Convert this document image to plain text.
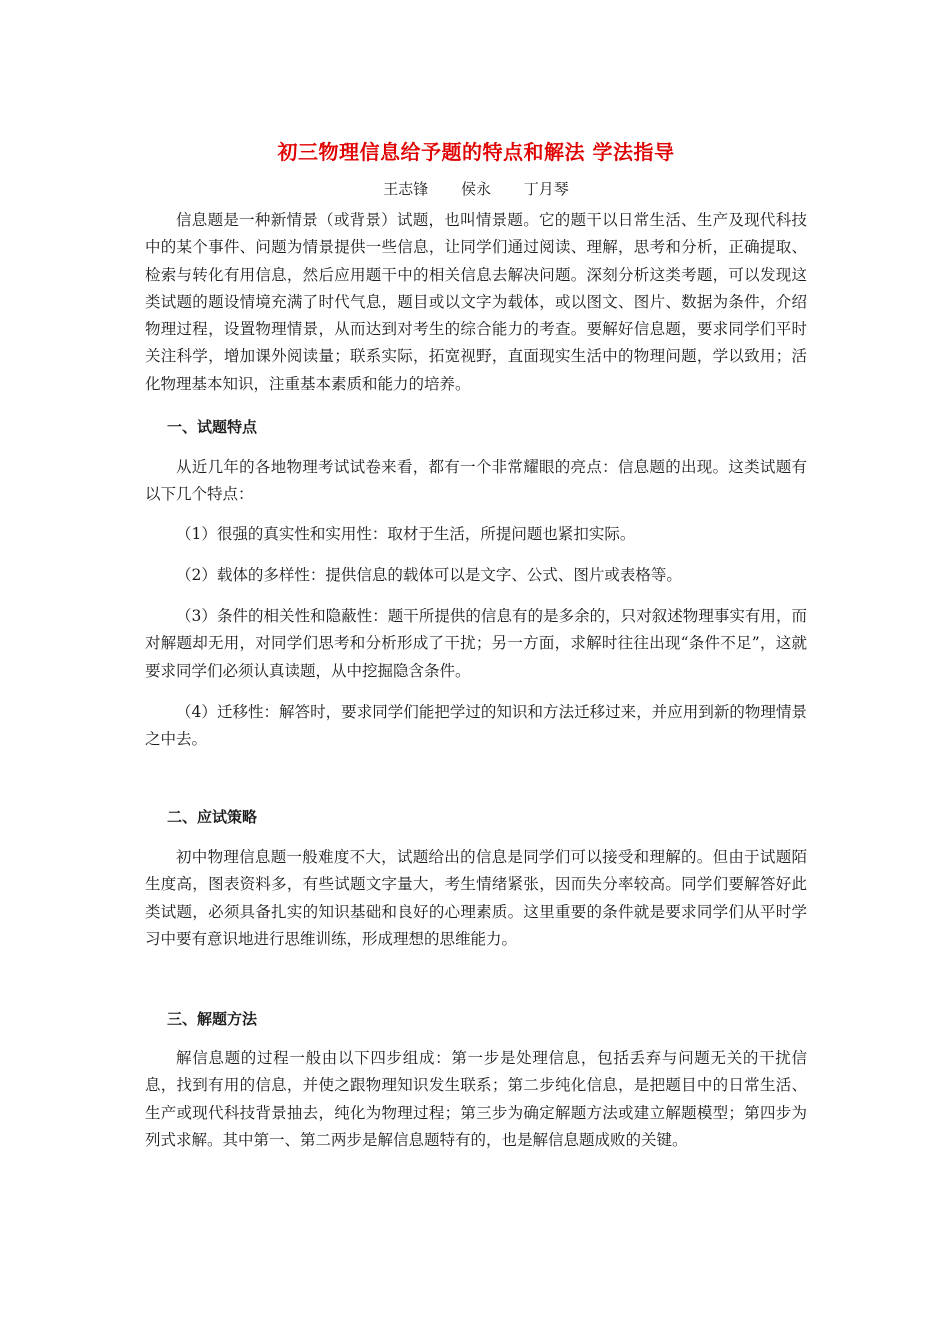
初三物理信息给予题的特点和解法 学法指导
王志锋 侯永 丁月琴

信息题是一种新情景（或背景）试题，也叫情景题。它的题干以日常生活、生产及现代科技中的某个事件、问题为情景提供一些信息，让同学们通过阅读、理解，思考和分析，正确提取、检索与转化有用信息，然后应用题干中的相关信息去解决问题。深刻分析这类考题，可以发现这类试题的题设情境充满了时代气息，题目或以文字为载体，或以图文、图片、数据为条件，介绍物理过程，设置物理情景，从而达到对考生的综合能力的考查。要解好信息题，要求同学们平时关注科学，增加课外阅读量；联系实际，拓宽视野，直面现实生活中的物理问题，学以致用；活化物理基本知识，注重基本素质和能力的培养。

一、试题特点

从近几年的各地物理考试试卷来看，都有一个非常耀眼的亮点：信息题的出现。这类试题有以下几个特点：

（1）很强的真实性和实用性：取材于生活，所提问题也紧扣实际。

（2）载体的多样性：提供信息的载体可以是文字、公式、图片或表格等。

（3）条件的相关性和隐蔽性：题干所提供的信息有的是多余的，只对叙述物理事实有用，而对解题却无用，对同学们思考和分析形成了干扰；另一方面，求解时往往出现“条件不足”，这就要求同学们必须认真读题，从中挖掘隐含条件。

（4）迁移性：解答时，要求同学们能把学过的知识和方法迁移过来，并应用到新的物理情景之中去。

二、应试策略

初中物理信息题一般难度不大，试题给出的信息是同学们可以接受和理解的。但由于试题陌生度高，图表资料多，有些试题文字量大，考生情绪紧张，因而失分率较高。同学们要解答好此类试题，必须具备扎实的知识基础和良好的心理素质。这里重要的条件就是要求同学们从平时学习中要有意识地进行思维训练，形成理想的思维能力。

三、解题方法

解信息题的过程一般由以下四步组成：第一步是处理信息，包括丢弃与问题无关的干扰信息，找到有用的信息，并使之跟物理知识发生联系；第二步纯化信息，是把题目中的日常生活、生产或现代科技背景抽去，纯化为物理过程；第三步为确定解题方法或建立解题模型；第四步为列式求解。其中第一、第二两步是解信息题特有的，也是解信息题成败的关键。
